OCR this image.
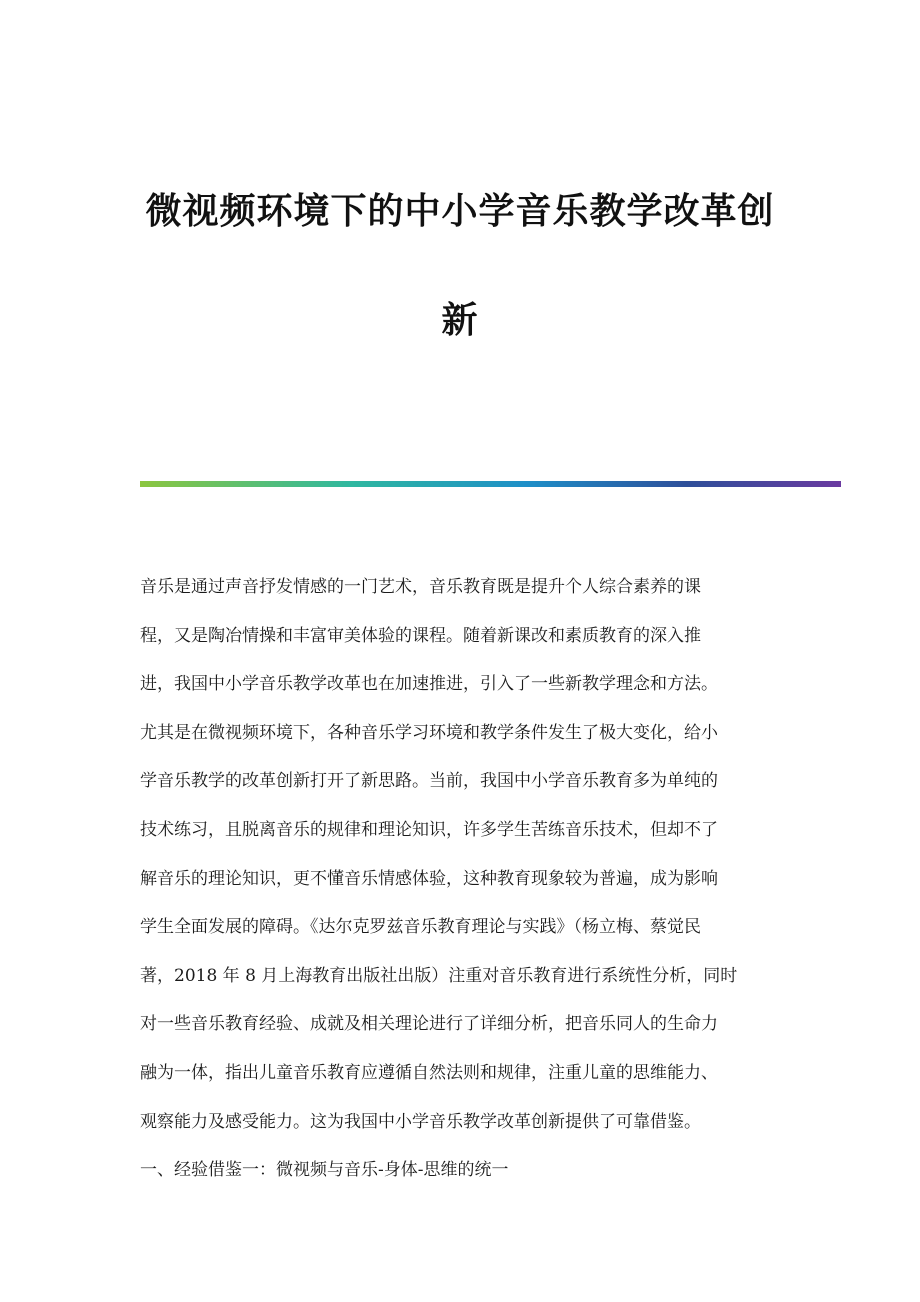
微视频环境下的中小学音乐教学改革创
新

音乐是通过声音抒发情感的一门艺术，音乐教育既是提升个人综合素养的课

程，又是陶冶情操和丰富审美体验的课程。随着新课改和素质教育的深入推

进，我国中小学音乐教学改革也在加速推进，引入了一些新教学理念和方法。

尤其是在微视频环境下，各种音乐学习环境和教学条件发生了极大变化，给小

学音乐教学的改革创新打开了新思路。当前，我国中小学音乐教育多为单纯的

技术练习，且脱离音乐的规律和理论知识，许多学生苦练音乐技术，但却不了

解音乐的理论知识，更不懂音乐情感体验，这种教育现象较为普遍，成为影响

学生全面发展的障碍。《达尔克罗兹音乐教育理论与实践》（杨立梅、蔡觉民

著，2018 年 8 月上海教育出版社出版）注重对音乐教育进行系统性分析，同时

对一些音乐教育经验、成就及相关理论进行了详细分析，把音乐同人的生命力

融为一体，指出儿童音乐教育应遵循自然法则和规律，注重儿童的思维能力、

观察能力及感受能力。这为我国中小学音乐教学改革创新提供了可靠借鉴。

一、经验借鉴一：微视频与音乐-身体-思维的统一
